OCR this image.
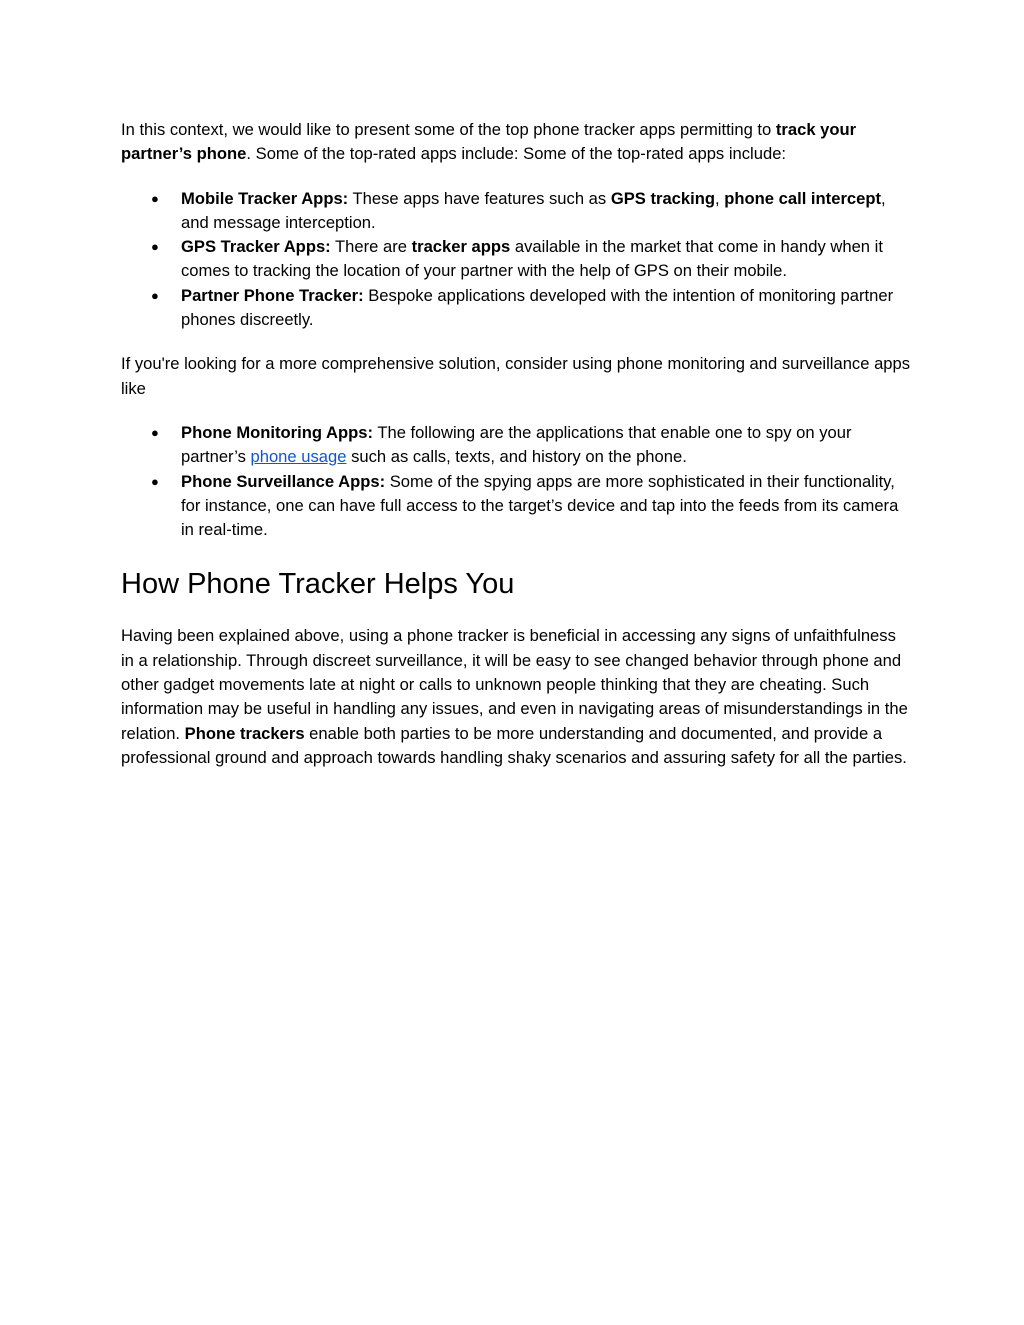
In this context, we would like to present some of the top phone tracker apps permitting to track your partner’s phone. Some of the top-rated apps include: Some of the top-rated apps include:

● Mobile Tracker Apps: These apps have features such as GPS tracking, phone call intercept, and message interception.
● GPS Tracker Apps: There are tracker apps available in the market that come in handy when it comes to tracking the location of your partner with the help of GPS on their mobile.
● Partner Phone Tracker: Bespoke applications developed with the intention of monitoring partner phones discreetly.

If you're looking for a more comprehensive solution, consider using phone monitoring and surveillance apps like

● Phone Monitoring Apps: The following are the applications that enable one to spy on your partner’s phone usage such as calls, texts, and history on the phone.
● Phone Surveillance Apps: Some of the spying apps are more sophisticated in their functionality, for instance, one can have full access to the target’s device and tap into the feeds from its camera in real-time.
How Phone Tracker Helps You

Having been explained above, using a phone tracker is beneficial in accessing any signs of unfaithfulness in a relationship. Through discreet surveillance, it will be easy to see changed behavior through phone and other gadget movements late at night or calls to unknown people thinking that they are cheating. Such information may be useful in handling any issues, and even in navigating areas of misunderstandings in the relation. Phone trackers enable both parties to be more understanding and documented, and provide a professional ground and approach towards handling shaky scenarios and assuring safety for all the parties.
